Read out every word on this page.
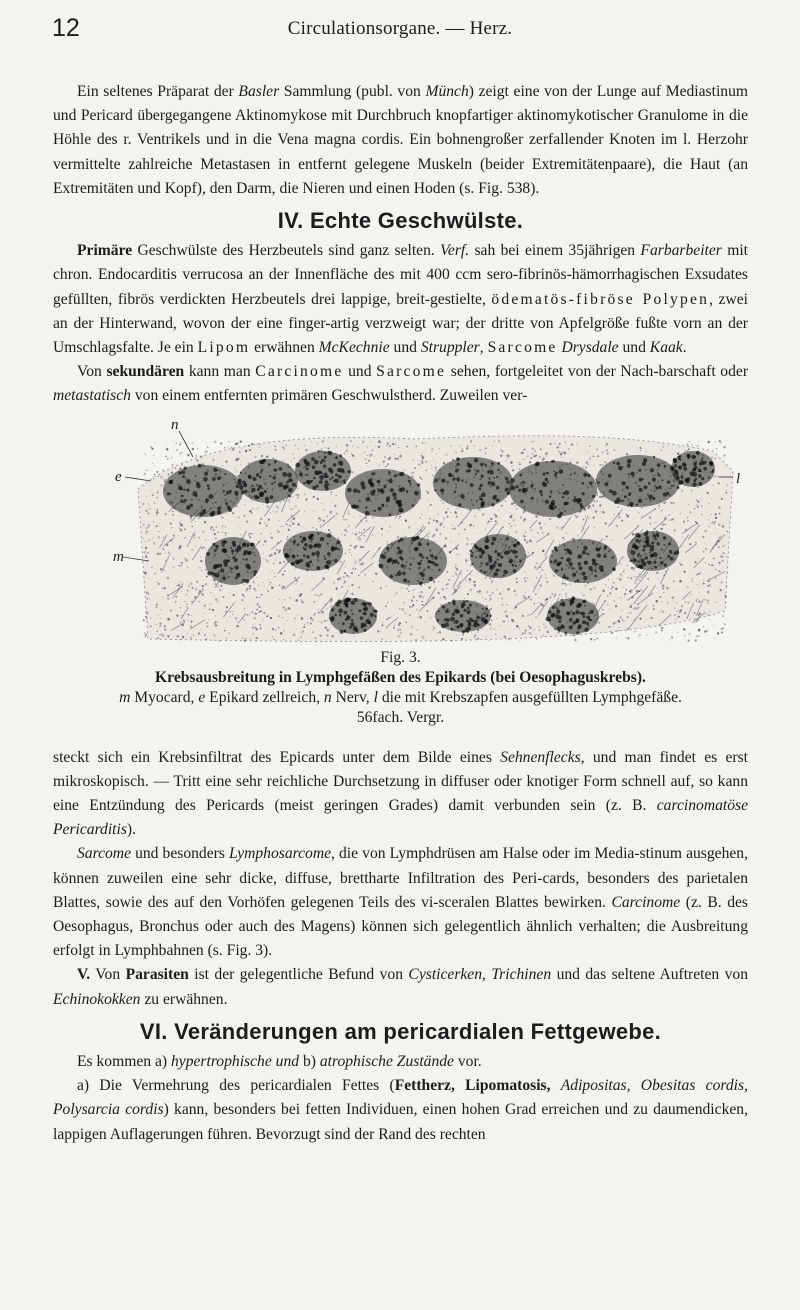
12	Circulationsorgane. — Herz.

Ein seltenes Präparat der Basler Sammlung (publ. von Münch) zeigt eine von der Lunge auf Mediastinum und Pericard übergegangene Aktinomykose mit Durchbruch knopfartiger aktinomykotischer Granulome in die Höhle des r. Ventrikels und in die Vena magna cordis. Ein bohnengroßer zerfallender Knoten im l. Herzohr vermittelte zahlreiche Metastasen in entfernt gelegene Muskeln (beider Extremitätenpaare), die Haut (an Extremitäten und Kopf), den Darm, die Nieren und einen Hoden (s. Fig. 538).

IV. Echte Geschwülste.

Primäre Geschwülste des Herzbeutels sind ganz selten. Verf. sah bei einem 35jährigen Farbarbeiter mit chron. Endocarditis verrucosa an der Innenfläche des mit 400 ccm sero-fibrinös-hämorrhagischen Exsudates gefüllten, fibrös verdickten Herzbeutels drei lappige, breit-gestielte, ödematös-fibröse Polypen, zwei an der Hinterwand, wovon der eine finger-artig verzweigt war; der dritte von Apfelgröße fußte vorn an der Umschlagsfalte. Je ein Lipom erwähnen McKechnie und Struppler, Sarcome Drysdale und Kaak.

Von sekundären kann man Carcinome und Sarcome sehen, fortgeleitet von der Nach-barschaft oder metastatisch von einem entfernten primären Geschwulstherd. Zuweilen ver-

n
e
m
l
Fig. 3.
Krebsausbreitung in Lymphgefäßen des Epikards (bei Oesophaguskrebs).
m Myocard, e Epikard zellreich, n Nerv, l die mit Krebszapfen ausgefüllten Lymphgefäße.
56fach. Vergr.

steckt sich ein Krebsinfiltrat des Epicards unter dem Bilde eines Sehnenflecks, und man findet es erst mikroskopisch. — Tritt eine sehr reichliche Durchsetzung in diffuser oder knotiger Form schnell auf, so kann eine Entzündung des Pericards (meist geringen Grades) damit verbunden sein (z. B. carcinomatöse Pericarditis).

Sarcome und besonders Lymphosarcome, die von Lymphdrüsen am Halse oder im Media-stinum ausgehen, können zuweilen eine sehr dicke, diffuse, brettharte Infiltration des Peri-cards, besonders des parietalen Blattes, sowie des auf den Vorhöfen gelegenen Teils des vi-sceralen Blattes bewirken. Carcinome (z. B. des Oesophagus, Bronchus oder auch des Magens) können sich gelegentlich ähnlich verhalten; die Ausbreitung erfolgt in Lymphbahnen (s. Fig. 3).

V. Von Parasiten ist der gelegentliche Befund von Cysticerken, Trichinen und das seltene Auftreten von Echinokokken zu erwähnen.

VI. Veränderungen am pericardialen Fettgewebe.

Es kommen a) hypertrophische und b) atrophische Zustände vor.

a) Die Vermehrung des pericardialen Fettes (Fettherz, Lipomatosis, Adipositas, Obesitas cordis, Polysarcia cordis) kann, besonders bei fetten Individuen, einen hohen Grad erreichen und zu daumendicken, lappigen Auflagerungen führen. Bevorzugt sind der Rand des rechten
